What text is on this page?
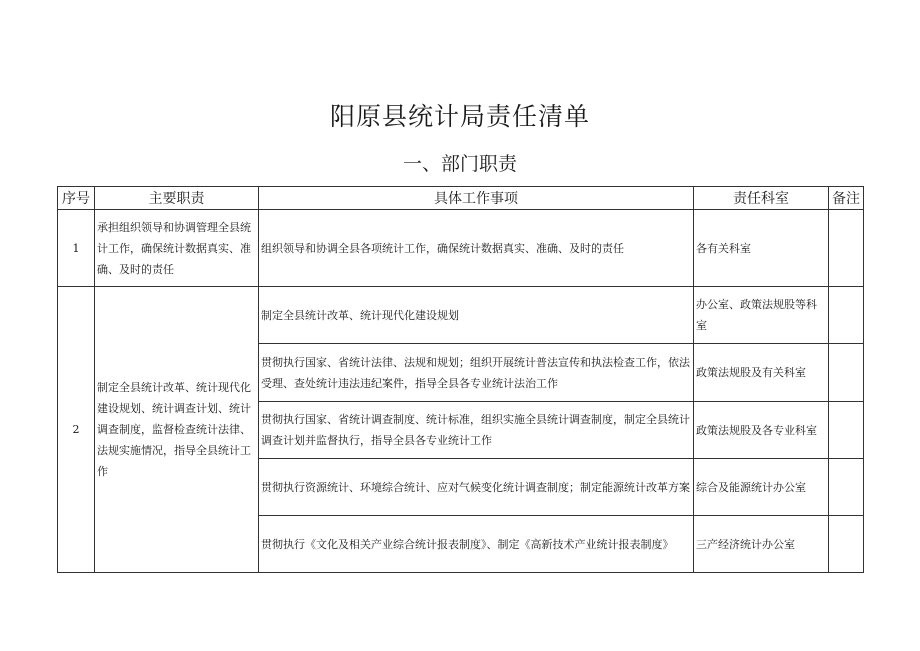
阳原县统计局责任清单
一、部门职责
序号	主要职责	具体工作事项	责任科室	备注
1	承担组织领导和协调管理全县统计工作，确保统计数据真实、准确、及时的责任	组织领导和协调全县各项统计工作，确保统计数据真实、准确、及时的责任	各有关科室	
2	制定全县统计改革、统计现代化建设规划、统计调查计划、统计调查制度，监督检查统计法律、法规实施情况，指导全县统计工作	制定全县统计改革、统计现代化建设规划	办公室、政策法规股等科室	
		贯彻执行国家、省统计法律、法规和规划；组织开展统计普法宣传和执法检查工作，依法受理、查处统计违法违纪案件，指导全县各专业统计法治工作	政策法规股及有关科室	
		贯彻执行国家、省统计调查制度、统计标准，组织实施全县统计调查制度，制定全县统计调查计划并监督执行，指导全县各专业统计工作	政策法规股及各专业科室	
		贯彻执行资源统计、环境综合统计、应对气候变化统计调查制度；制定能源统计改革方案	综合及能源统计办公室	
		贯彻执行《文化及相关产业综合统计报表制度》、制定《高新技术产业统计报表制度》	三产经济统计办公室	
